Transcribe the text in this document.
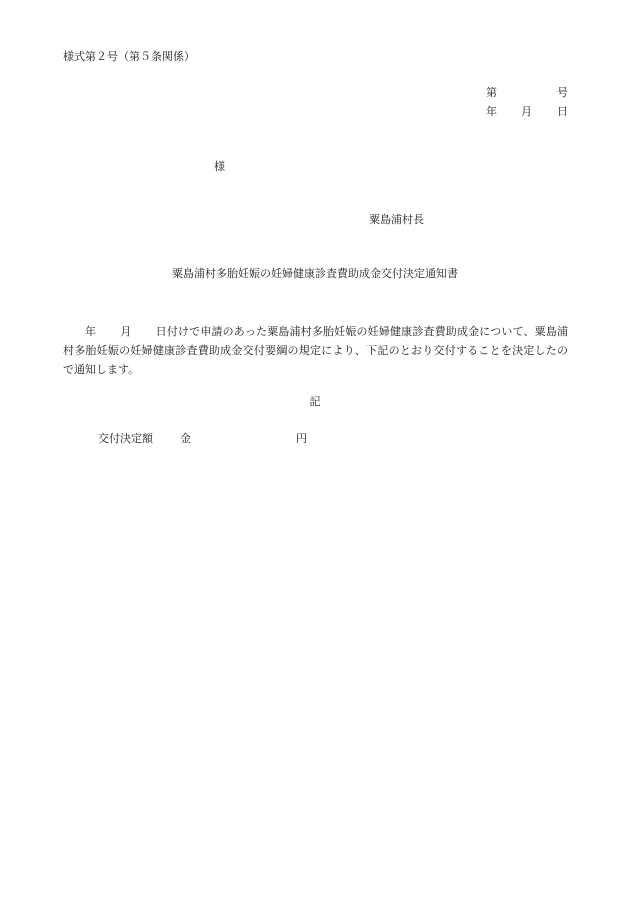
様式第２号（第５条関係）
第	号
年 月 日
様
粟島浦村長
粟島浦村多胎妊娠の妊婦健康診査費助成金交付決定通知書
年 月 日付けで申請のあった粟島浦村多胎妊娠の妊婦健康診査費助成金について、粟島浦村多胎妊娠の妊婦健康診査費助成金交付要綱の規定により、下記のとおり交付することを決定したので通知します。
記
交付決定額 金	円
